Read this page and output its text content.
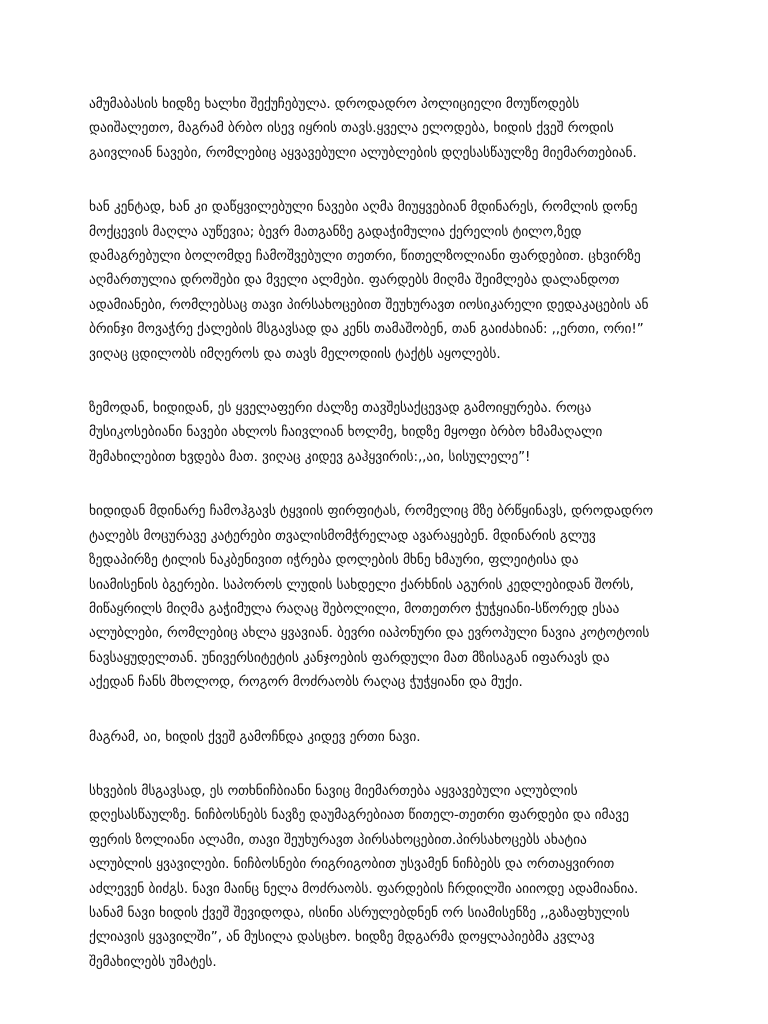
ამუმაბასის ხიდზე ხალხი შექუჩებულა. დროდადრო პოლიციელი მოუწოდებს
დაიშალეთო, მაგრამ ბრბო ისევ იყრის თავს.ყველა ელოდება, ხიდის ქვეშ როდის
გაივლიან ნავები, რომლებიც აყვავებული ალუბლების დღესასწაულზე მიემართებიან.

ხან კენტად, ხან კი დაწყვილებული ნავები აღმა მიუყვებიან მდინარეს, რომლის დონე
მოქცევის მაღლა აუწევია; ბევრ მათგანზე გადაჭიმულია ქერელის ტილო,ზედ
დამაგრებული ბოლომდე ჩამოშვებული თეთრი, წითელზოლიანი ფარდებით. ცხვირზე
აღმართულია დროშები და მველი ალმები. ფარდებს მიღმა შეიმლება დალანდოთ
ადამიანები, რომლებსაც თავი პირსახოცებით შეუხურავთ იოსიკარელი დედაკაცების ან
ბრინჯი მოვაჭრე ქალების მსგავსად და კენს თამაშობენ, თან გაიძახიან: ,,ერთი, ორი!”
ვიღაც ცდილობს იმღეროს და თავს მელოდიის ტაქტს აყოლებს.

ზემოდან, ხიდიდან, ეს ყველაფერი ძალზე თავშესაქცევად გამოიყურება. როცა
მუსიკოსებიანი ნავები ახლოს ჩაივლიან ხოლმე, ხიდზე მყოფი ბრბო ხმამაღალი
შემახილებით ხვდება მათ. ვიღაც კიდევ გაჰყვირის:,,აი, სისულელე”!

ხიდიდან მდინარე ჩამოჰგავს ტყვიის ფირფიტას, რომელიც მზე ბრწყინავს, დროდადრო
ტალებს მოცურავე კატერები თვალისმომჭრელად ავარაყებენ. მდინარის გლუვ
ზედაპირზე ტილის ნაკბენივით იჭრება დოლების მხნე ხმაური, ფლეიტისა და
სიამისენის ბგერები. საპოროს ლუდის სახდელი ქარხნის აგურის კედლებიდან შორს,
მიწაყრილს მიღმა გაჭიმულა რაღაც შებოლილი, მოთეთრო ჭუჭყიანი-სწორედ ესაა
ალუბლები, რომლებიც ახლა ყვავიან. ბევრი იაპონური და ევროპული ნავია კოტოტოის
ნავსაყუდელთან. უნივერსიტეტის კანჯოების ფარდული მათ მზისაგან იფარავს და
აქედან ჩანს მხოლოდ, როგორ მოძრაობს რაღაც ჭუჭყიანი და მუქი.

მაგრამ, აი, ხიდის ქვეშ გამოჩნდა კიდევ ერთი ნავი.

სხვების მსგავსად, ეს ოთხნიჩბიანი ნავიც მიემართება აყვავებული ალუბლის
დღესასწაულზე. ნიჩბოსნებს ნავზე დაუმაგრებიათ წითელ-თეთრი ფარდები და იმავე
ფერის ზოლიანი ალამი, თავი შეუხურავთ პირსახოცებით.პირსახოცებს ახატია
ალუბლის ყვავილები. ნიჩბოსნები რიგრიგობით უსვამენ ნიჩბებს და ორთაყვირით
აძლევენ ბიძგს. ნავი მაინც ნელა მოძრაობს. ფარდების ჩრდილში აიიოდე ადამიანია.
სანამ ნავი ხიდის ქვეშ შევიდოდა, ისინი ასრულებდნენ ორ სიამისენზე ,,გაზაფხულის
ქლიავის ყვავილში”, ან მუსილა დასცხო. ხიდზე მდგარმა დოყლაპიებმა კვლავ
შემახილებს უმატეს.
